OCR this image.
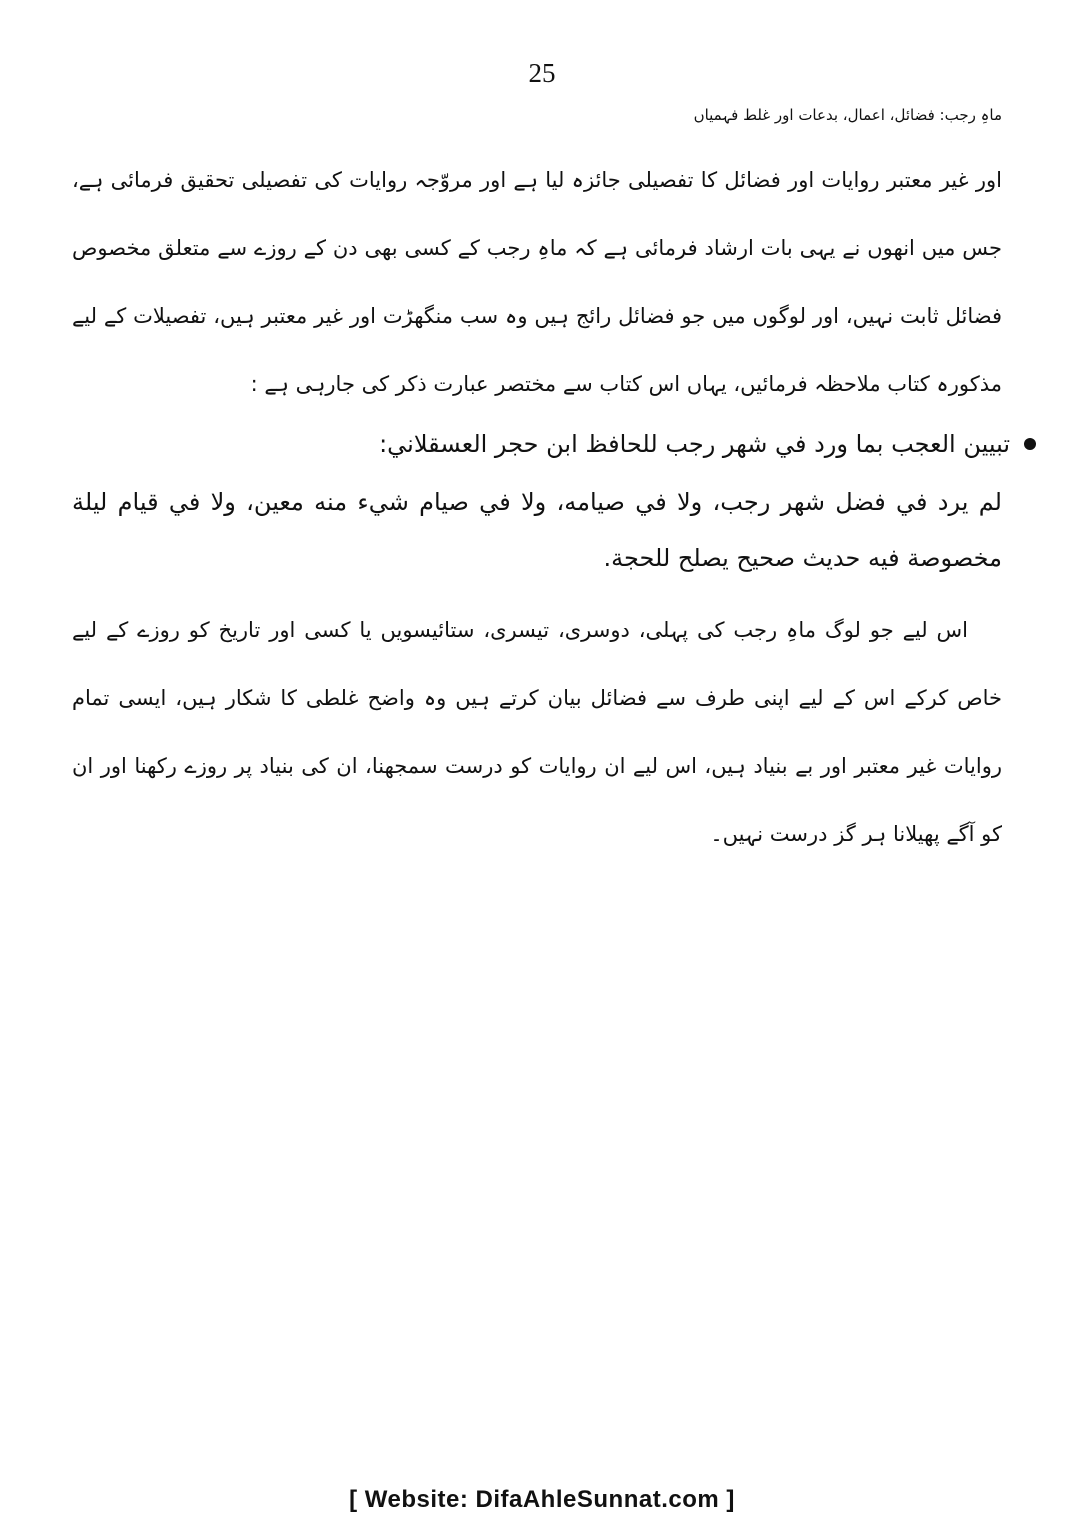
25
ماہِ رجب: فضائل، اعمال، بدعات اور غلط فہمیاں
اور غیر معتبر روایات اور فضائل کا تفصیلی جائزہ لیا ہے اور مروّجہ روایات کی تفصیلی تحقیق فرمائی ہے، جس میں انھوں نے یہی بات ارشاد فرمائی ہے کہ ماہِ رجب کے کسی بھی دن کے روزے سے متعلق مخصوص فضائل ثابت نہیں، اور لوگوں میں جو فضائل رائج ہیں وہ سب منگھڑت اور غیر معتبر ہیں، تفصیلات کے لیے مذکورہ کتاب ملاحظہ فرمائیں، یہاں اس کتاب سے مختصر عبارت ذکر کی جارہی ہے :
تبيين العجب بما ورد في شهر رجب للحافظ ابن حجر العسقلاني:
لم يرد في فضل شهر رجب، ولا في صيامه، ولا في صيام شيء منه معين، ولا في قيام ليلة مخصوصة فيه حديث صحيح يصلح للحجة.
اس لیے جو لوگ ماہِ رجب کی پہلی، دوسری، تیسری، ستائیسویں یا کسی اور تاریخ کو روزے کے لیے خاص کرکے اس کے لیے اپنی طرف سے فضائل بیان کرتے ہیں وہ واضح غلطی کا شکار ہیں، ایسی تمام روایات غیر معتبر اور بے بنیاد ہیں، اس لیے ان روایات کو درست سمجھنا، ان کی بنیاد پر روزے رکھنا اور ان کو آگے پھیلانا ہر گز درست نہیں۔
[ Website: DifaAhleSunnat.com ]
